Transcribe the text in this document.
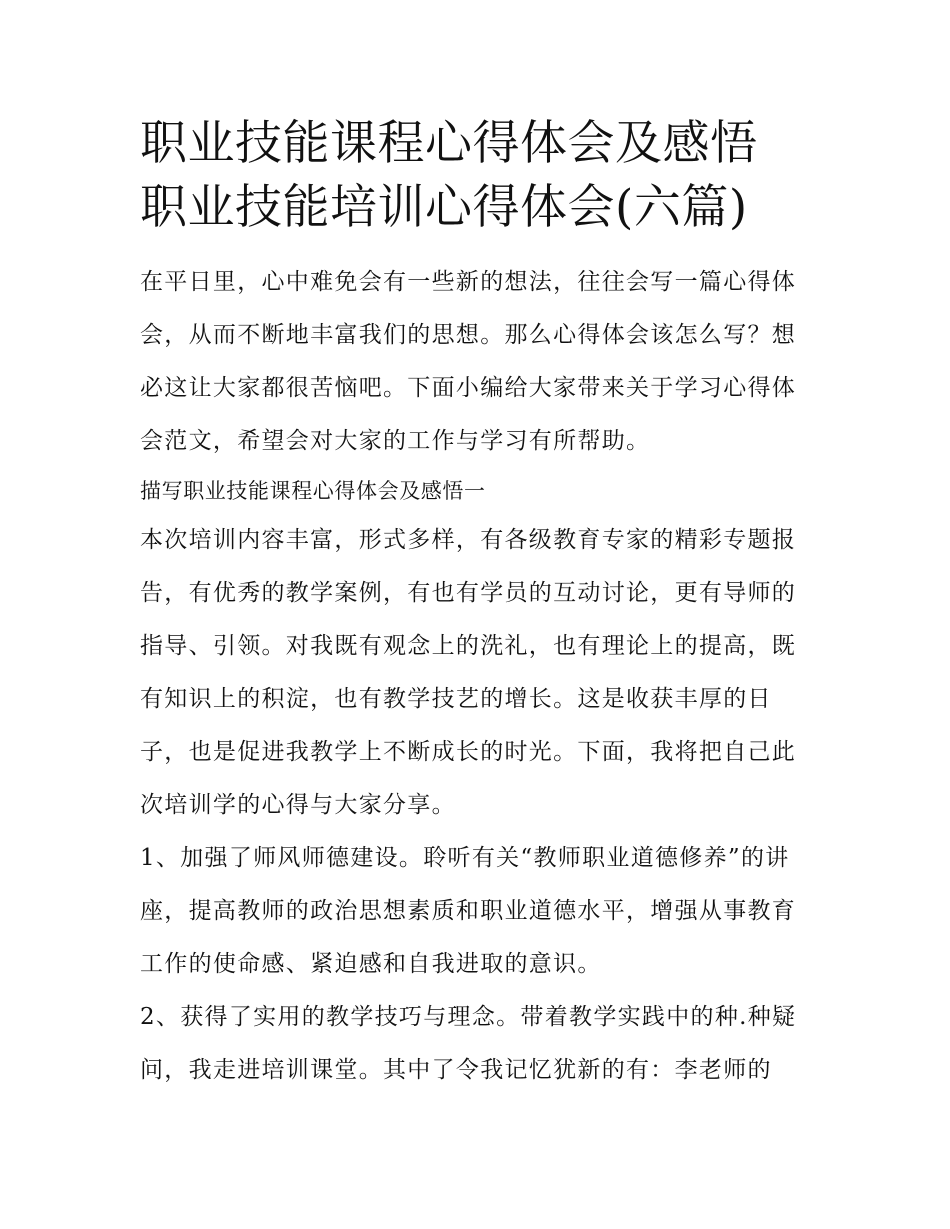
职业技能课程心得体会及感悟
职业技能培训心得体会(六篇)

在平日里，心中难免会有一些新的想法，往往会写一篇心得体
会，从而不断地丰富我们的思想。那么心得体会该怎么写？想
必这让大家都很苦恼吧。下面小编给大家带来关于学习心得体
会范文，希望会对大家的工作与学习有所帮助。

描写职业技能课程心得体会及感悟一

本次培训内容丰富，形式多样，有各级教育专家的精彩专题报
告，有优秀的教学案例，有也有学员的互动讨论，更有导师的
指导、引领。对我既有观念上的洗礼，也有理论上的提高，既
有知识上的积淀，也有教学技艺的增长。这是收获丰厚的日
子，也是促进我教学上不断成长的时光。下面，我将把自己此
次培训学的心得与大家分享。

1、加强了师风师德建设。聆听有关“教师职业道德修养”的讲
座，提高教师的政治思想素质和职业道德水平，增强从事教育
工作的使命感、紧迫感和自我进取的意识。

2、获得了实用的教学技巧与理念。带着教学实践中的种.种疑
问，我走进培训课堂。其中了令我记忆犹新的有：李老师的
